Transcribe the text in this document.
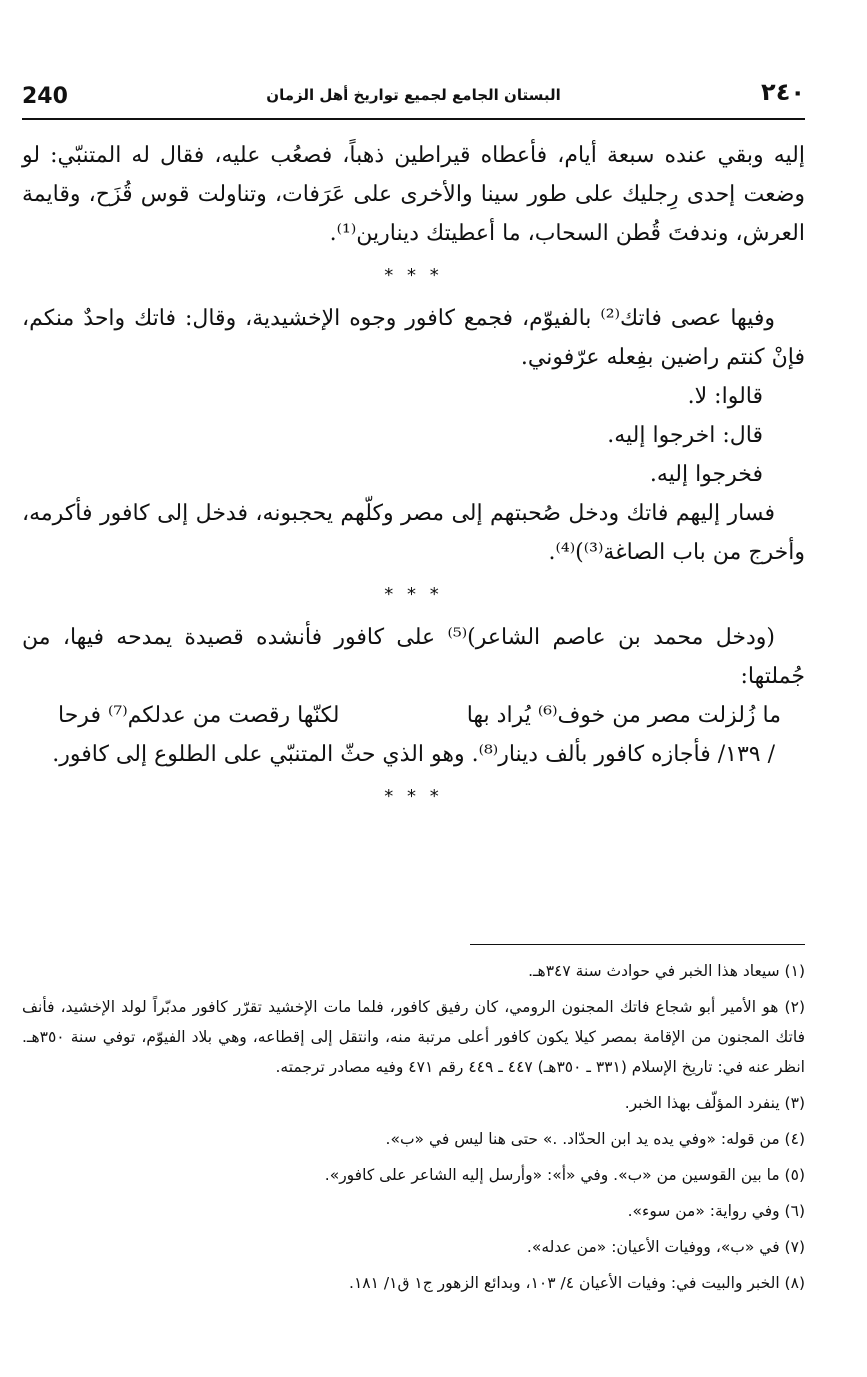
240	البستان الجامع لجميع تواريخ أهل الزمان	٢٤٠

إليه وبقي عنده سبعة أيام، فأعطاه قيراطين ذهباً، فصعُب عليه، فقال له المتنبّي: لو وضعت إحدى رِجليك على طور سينا والأخرى على عَرَفات، وتناولت قوس قُزَح، وقايمة العرش، وندفتَ قُطن السحاب، ما أعطيتك دينارين⁽¹⁾.

* * *

وفيها عصى فاتك⁽²⁾ بالفيوّم، فجمع كافور وجوه الإخشيدية، وقال: فاتك واحدٌ منكم، فإنْ كنتم راضين بفِعله عرّفوني.

قالوا: لا.

قال: اخرجوا إليه.

فخرجوا إليه.

فسار إليهم فاتك ودخل صُحبتهم إلى مصر وكلّهم يحجبونه، فدخل إلى كافور فأكرمه، وأخرج من باب الصاغة⁽³⁾)⁽⁴⁾.

* * *

(ودخل محمد بن عاصم الشاعر)⁽⁵⁾ على كافور فأنشده قصيدة يمدحه فيها، من جُملتها:

ما زُلزلت مصر من خوف⁽⁶⁾ يُراد بها
لكنّها رقصت من عدلكم⁽⁷⁾ فرحا

/ ١٣٩/ فأجازه كافور بألف دينار⁽⁸⁾. وهو الذي حثّ المتنبّي على الطلوع إلى كافور.

* * *

(١) سيعاد هذا الخبر في حوادث سنة ٣٤٧هـ.

(٢) هو الأمير أبو شجاع فاتك المجنون الرومي، كان رفيق كافور، فلما مات الإخشيد تقرّر كافور مدبّراً لولد الإخشيد، فأنف فاتك المجنون من الإقامة بمصر كيلا يكون كافور أعلى مرتبة منه، وانتقل إلى إقطاعه، وهي بلاد الفيوّم، توفي سنة ٣٥٠هـ. انظر عنه في: تاريخ الإسلام (٣٣١ ـ ٣٥٠هـ) ٤٤٧ ـ ٤٤٩ رقم ٤٧١ وفيه مصادر ترجمته.

(٣) ينفرد المؤلّف بهذا الخبر.

(٤) من قوله: «وفي يده يد ابن الحدّاد. .» حتى هنا ليس في «ب».

(٥) ما بين القوسين من «ب». وفي «أ»: «وأرسل إليه الشاعر على كافور».

(٦) وفي رواية: «من سوء».

(٧) في «ب»، ووفيات الأعيان: «من عدله».

(٨) الخبر والبيت في: وفيات الأعيان ٤/ ١٠٣، وبدائع الزهور ج١ ق١/ ١٨١.
